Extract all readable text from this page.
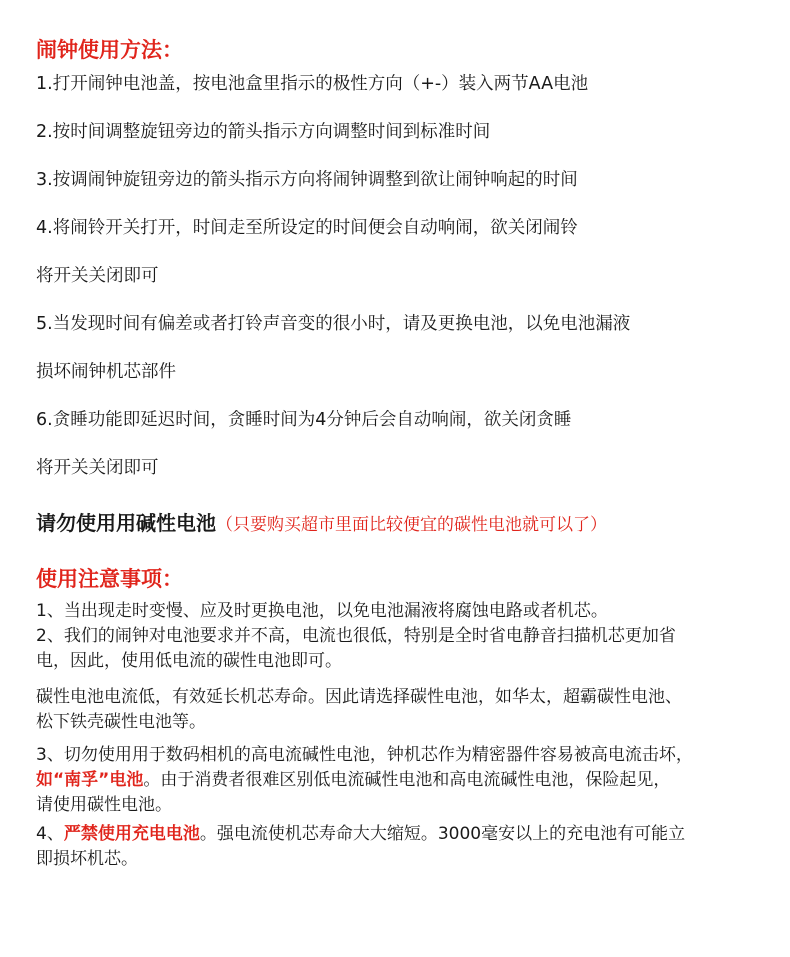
闹钟使用方法：
1.打开闹钟电池盖，按电池盒里指示的极性方向（+-）装入两节AA电池
2.按时间调整旋钮旁边的箭头指示方向调整时间到标准时间
3.按调闹钟旋钮旁边的箭头指示方向将闹钟调整到欲让闹钟响起的时间
4.将闹铃开关打开，时间走至所设定的时间便会自动响闹，欲关闭闹铃
将开关关闭即可
5.当发现时间有偏差或者打铃声音变的很小时，请及更换电池，以免电池漏液
损坏闹钟机芯部件
6.贪睡功能即延迟时间，贪睡时间为4分钟后会自动响闹，欲关闭贪睡
将开关关闭即可
请勿使用用碱性电池（只要购买超市里面比较便宜的碳性电池就可以了）
使用注意事项：
1、当出现走时变慢、应及时更换电池，以免电池漏液将腐蚀电路或者机芯。
2、我们的闹钟对电池要求并不高，电流也很低，特别是全时省电静音扫描机芯更加省
电，因此，使用低电流的碳性电池即可。
碳性电池电流低，有效延长机芯寿命。因此请选择碳性电池，如华太，超霸碳性电池、
松下铁壳碳性电池等。
3、切勿使用用于数码相机的高电流碱性电池，钟机芯作为精密器件容易被高电流击坏，
如“南孚”电池。由于消费者很难区别低电流碱性电池和高电流碱性电池，保险起见，
请使用碳性电池。
4、严禁使用充电电池。强电流使机芯寿命大大缩短。3000毫安以上的充电池有可能立
即损坏机芯。
